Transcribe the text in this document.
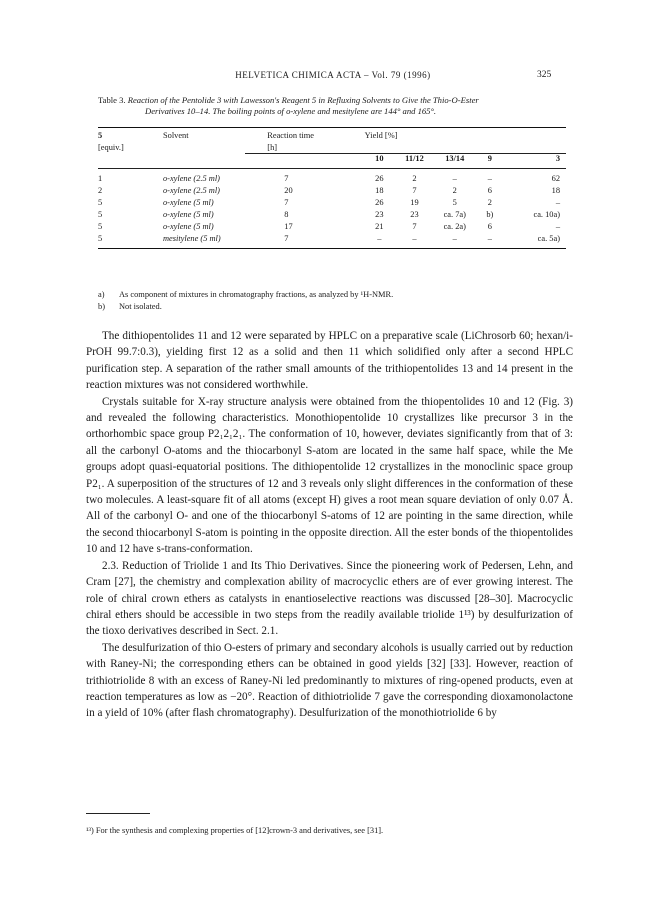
HELVETICA CHIMICA ACTA – Vol. 79 (1996)	325
Table 3. Reaction of the Pentolide 3 with Lawesson's Reagent 5 in Refluxing Solvents to Give the Thio-O-Ester
Derivatives 10–14. The boiling points of o-xylene and mesitylene are 144° and 165°.
5	Solvent	Reaction time	Yield [%]				
[equiv.]		[h]	10	11/12	13/14	9	3

1	o-xylene (2.5 ml)	7	26	2	–	–	62
2	o-xylene (2.5 ml)	20	18	7	2	6	18
5	o-xylene (5 ml)	7	26	19	5	2	–
5	o-xylene (5 ml)	8	23	23	ca. 7a)	b)	ca. 10a)
5	o-xylene (5 ml)	17	21	7	ca. 2a)	6	–
5	mesitylene (5 ml)	7	–	–	–	–	ca. 5a)
a) As component of mixtures in chromatography fractions, as analyzed by ¹H-NMR.
b) Not isolated.

The dithiopentolides 11 and 12 were separated by HPLC on a preparative scale (LiChrosorb 60; hexan/i-PrOH 99.7:0.3), yielding first 12 as a solid and then 11 which solidified only after a second HPLC purification step. A separation of the rather small amounts of the trithiopentolides 13 and 14 present in the reaction mixtures was not considered worthwhile.

Crystals suitable for X-ray structure analysis were obtained from the thiopentolides 10 and 12 (Fig. 3) and revealed the following characteristics. Monothiopentolide 10 crystallizes like precursor 3 in the orthorhombic space group P2₁2₁2₁. The conformation of 10, however, deviates significantly from that of 3: all the carbonyl O-atoms and the thiocarbonyl S-atom are located in the same half space, while the Me groups adopt quasi-equatorial positions. The dithiopentolide 12 crystallizes in the monoclinic space group P2₁. A superposition of the structures of 12 and 3 reveals only slight differences in the conformation of these two molecules. A least-square fit of all atoms (except H) gives a root mean square deviation of only 0.07 Å. All of the carbonyl O- and one of the thiocarbonyl S-atoms of 12 are pointing in the same direction, while the second thiocarbonyl S-atom is pointing in the opposite direction. All the ester bonds of the thiopentolides 10 and 12 have s-trans-conformation.

2.3. Reduction of Triolide 1 and Its Thio Derivatives. Since the pioneering work of Pedersen, Lehn, and Cram [27], the chemistry and complexation ability of macrocyclic ethers are of ever growing interest. The role of chiral crown ethers as catalysts in enantioselective reactions was discussed [28–30]. Macrocyclic chiral ethers should be accessible in two steps from the readily available triolide 1¹³) by desulfurization of the tioxo derivatives described in Sect. 2.1.

The desulfurization of thio O-esters of primary and secondary alcohols is usually carried out by reduction with Raney-Ni; the corresponding ethers can be obtained in good yields [32] [33]. However, reaction of trithiotriolide 8 with an excess of Raney-Ni led predominantly to mixtures of ring-opened products, even at reaction temperatures as low as −20°. Reaction of dithiotriolide 7 gave the corresponding dioxamonolactone in a yield of 10% (after flash chromatography). Desulfurization of the monothiotriolide 6 by

¹³) For the synthesis and complexing properties of [12]crown-3 and derivatives, see [31].
